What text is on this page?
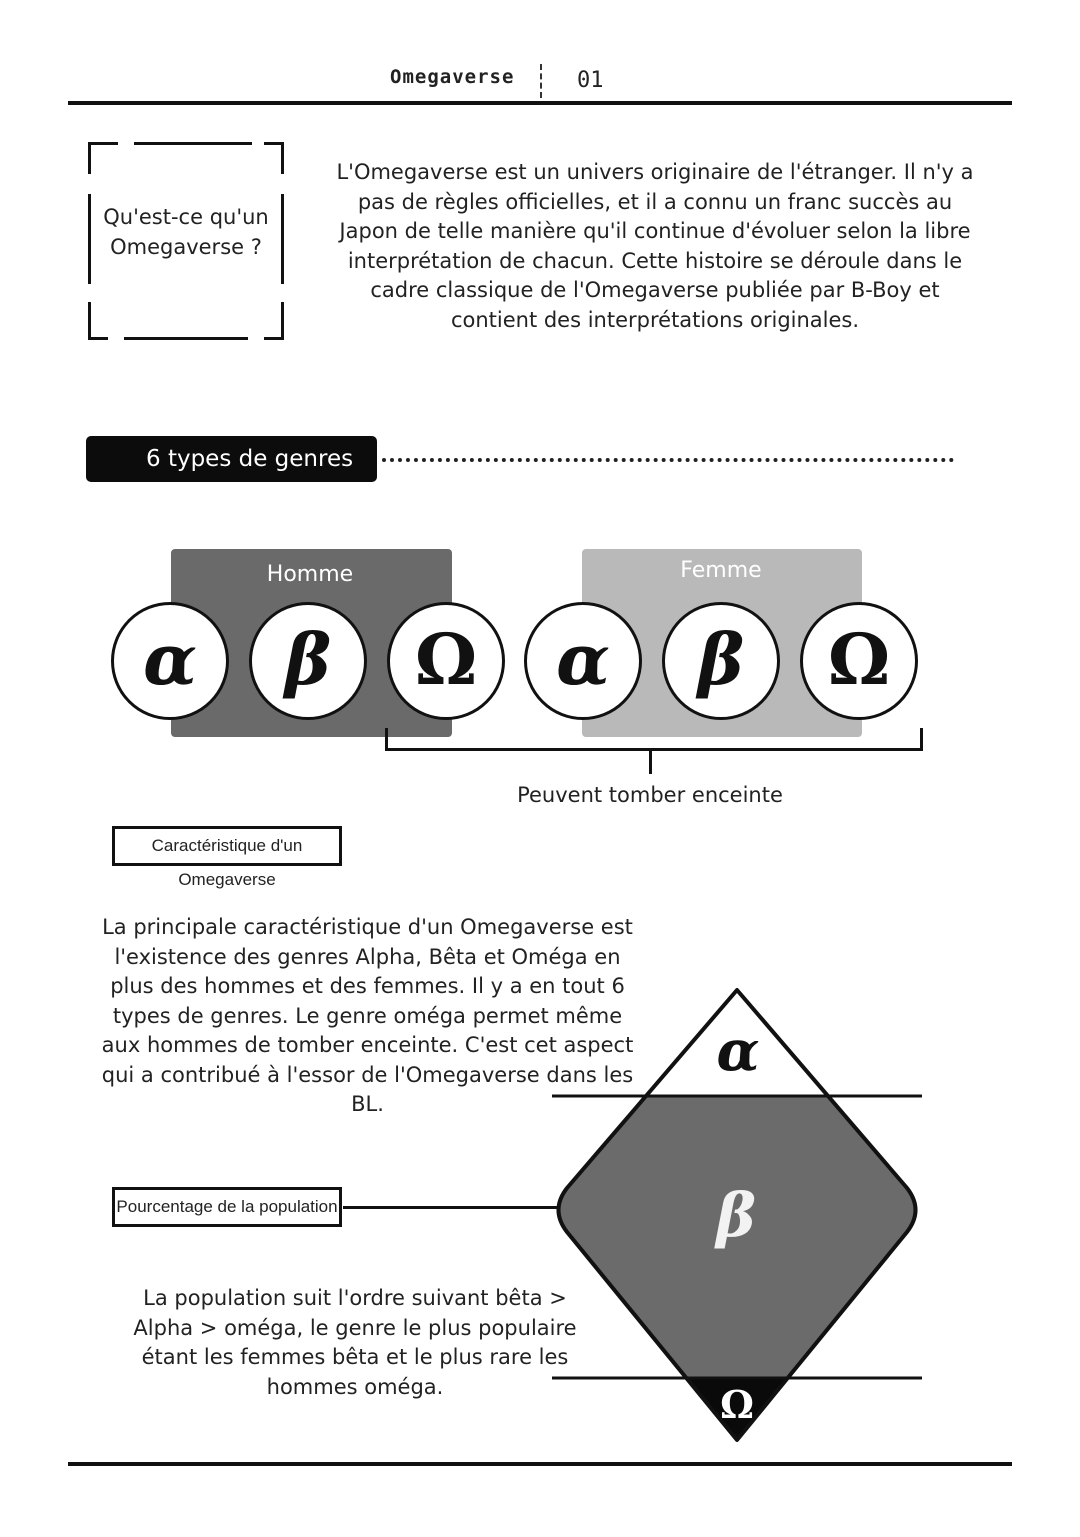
Omegaverse	01
Qu'est-ce qu'un Omegaverse ?
L'Omegaverse est un univers originaire de l'étranger. Il n'y a pas de règles officielles, et il a connu un franc succès au Japon de telle manière qu'il continue d'évoluer selon la libre interprétation de chacun. Cette histoire se déroule dans le cadre classique de l'Omegaverse publiée par B-Boy et contient des interprétations originales.
6 types de genres
Homme	Femme
α	β	Ω	α	β	Ω
Peuvent tomber enceinte
Caractéristique d'un Omegaverse
La principale caractéristique d'un Omegaverse est l'existence des genres Alpha, Bêta et Oméga en plus des hommes et des femmes. Il y a en tout 6 types de genres. Le genre oméga permet même aux hommes de tomber enceinte. C'est cet aspect qui a contribué à l'essor de l'Omegaverse dans les BL.
Pourcentage de la population
La population suit l'ordre suivant bêta > Alpha > oméga, le genre le plus populaire étant les femmes bêta et le plus rare les hommes oméga.
α
β
Ω
